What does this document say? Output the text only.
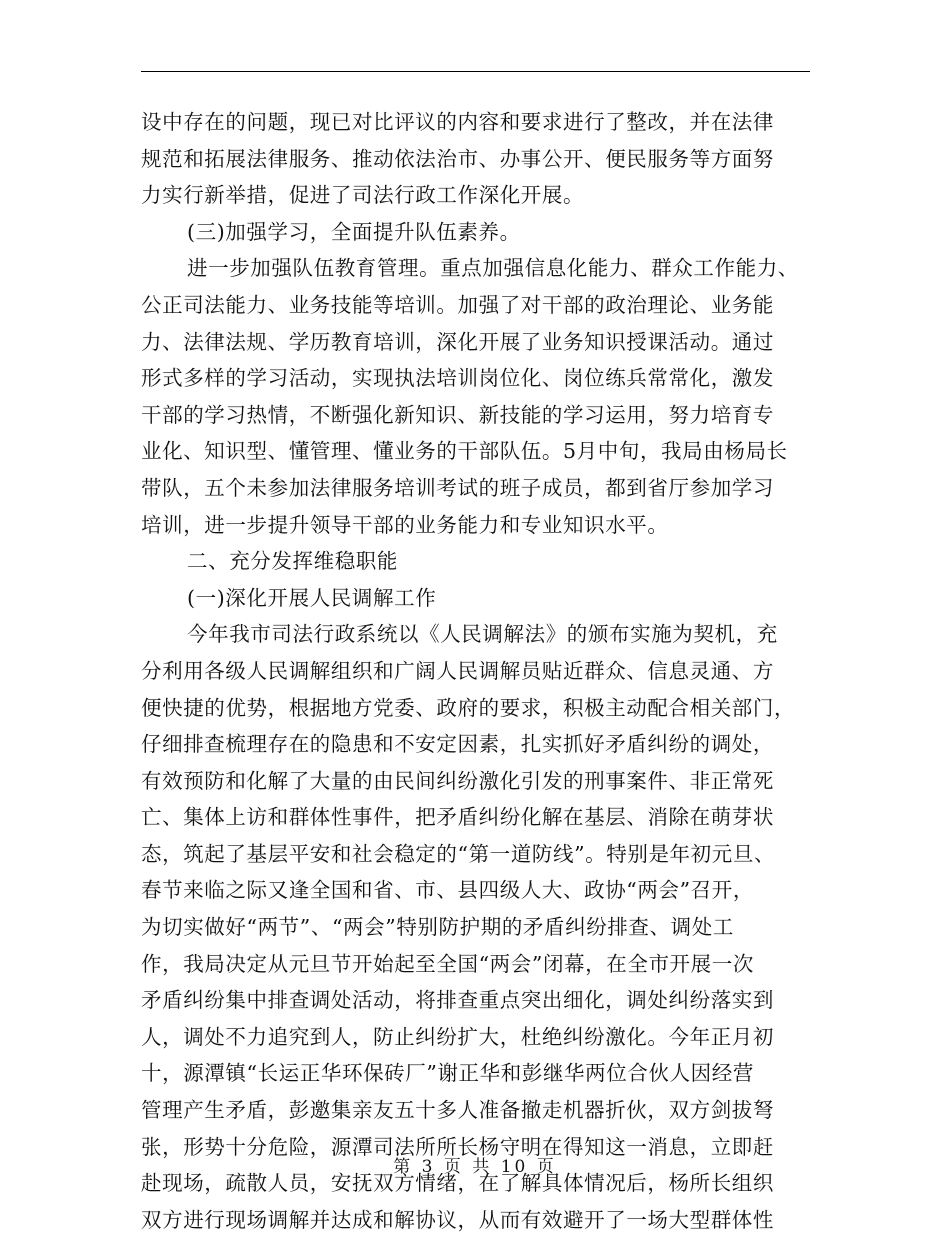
设中存在的问题，现已对比评议的内容和要求进行了整改，并在法律
规范和拓展法律服务、推动依法治市、办事公开、便民服务等方面努
力实行新举措，促进了司法行政工作深化开展。
(三)加强学习，全面提升队伍素养。
进一步加强队伍教育管理。重点加强信息化能力、群众工作能力、
公正司法能力、业务技能等培训。加强了对干部的政治理论、业务能
力、法律法规、学历教育培训，深化开展了业务知识授课活动。通过
形式多样的学习活动，实现执法培训岗位化、岗位练兵常常化，激发
干部的学习热情，不断强化新知识、新技能的学习运用，努力培育专
业化、知识型、懂管理、懂业务的干部队伍。5月中旬，我局由杨局长
带队，五个未参加法律服务培训考试的班子成员，都到省厅参加学习
培训，进一步提升领导干部的业务能力和专业知识水平。
二、充分发挥维稳职能
(一)深化开展人民调解工作
今年我市司法行政系统以《人民调解法》的颁布实施为契机，充
分利用各级人民调解组织和广阔人民调解员贴近群众、信息灵通、方
便快捷的优势，根据地方党委、政府的要求，积极主动配合相关部门，
仔细排查梳理存在的隐患和不安定因素，扎实抓好矛盾纠纷的调处，
有效预防和化解了大量的由民间纠纷激化引发的刑事案件、非正常死
亡、集体上访和群体性事件，把矛盾纠纷化解在基层、消除在萌芽状
态，筑起了基层平安和社会稳定的“第一道防线”。特别是年初元旦、
春节来临之际又逢全国和省、市、县四级人大、政协“两会”召开，
为切实做好“两节”、“两会”特别防护期的矛盾纠纷排查、调处工
作，我局决定从元旦节开始起至全国“两会”闭幕，在全市开展一次
矛盾纠纷集中排查调处活动，将排查重点突出细化，调处纠纷落实到
人，调处不力追究到人，防止纠纷扩大，杜绝纠纷激化。今年正月初
十，源潭镇“长运正华环保砖厂”谢正华和彭继华两位合伙人因经营
管理产生矛盾，彭邀集亲友五十多人准备撤走机器折伙，双方剑拔弩
张，形势十分危险，源潭司法所所长杨守明在得知这一消息，立即赶
赴现场，疏散人员，安抚双方情绪，在了解具体情况后，杨所长组织
双方进行现场调解并达成和解协议，从而有效避开了一场大型群体性
第 3 页 共 10 页
